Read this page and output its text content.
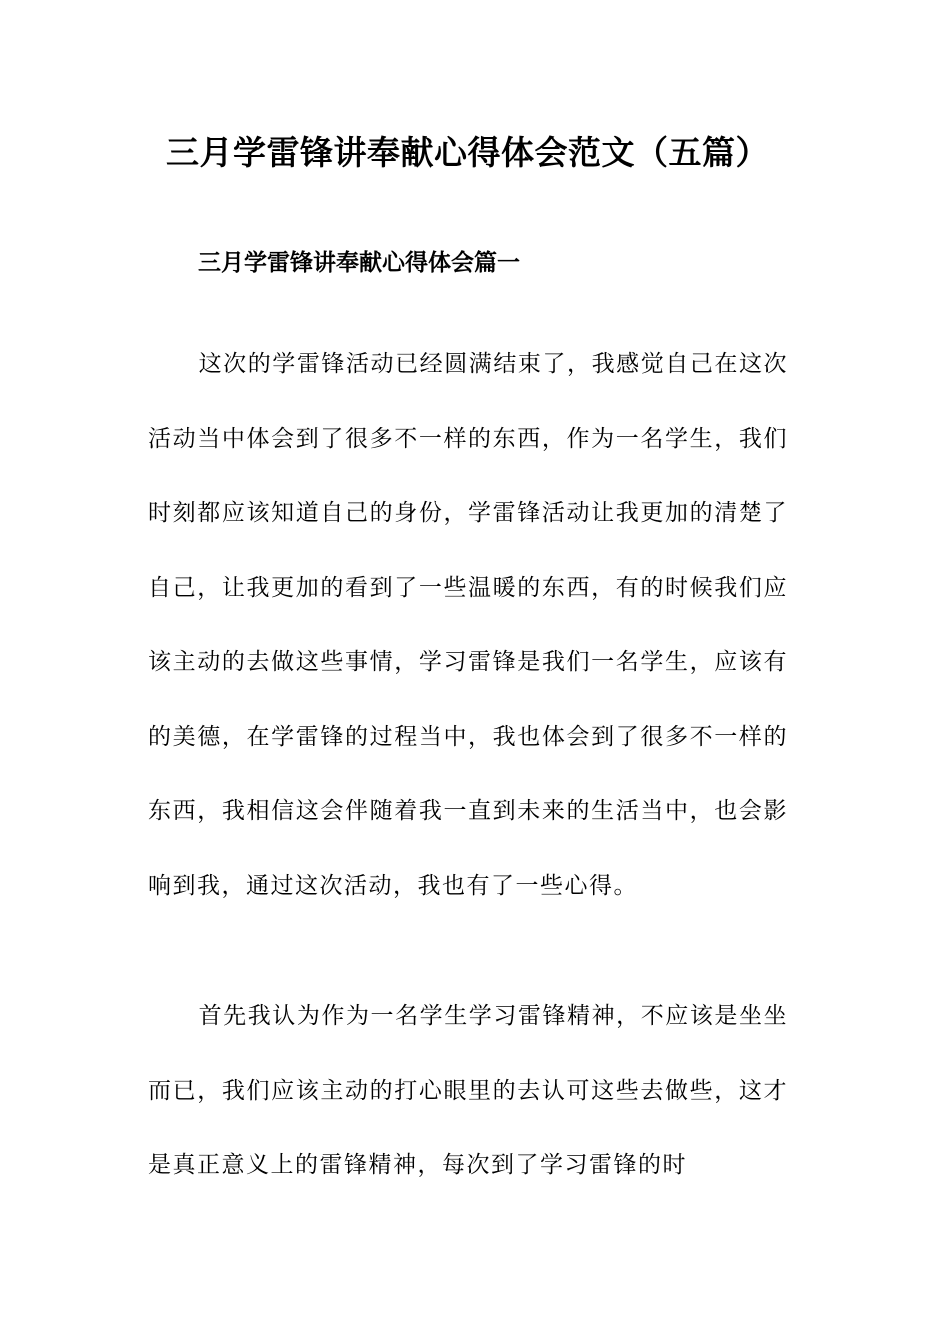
三月学雷锋讲奉献心得体会范文（五篇）
三月学雷锋讲奉献心得体会篇一

这次的学雷锋活动已经圆满结束了，我感觉自己在这次活动当中体会到了很多不一样的东西，作为一名学生，我们时刻都应该知道自己的身份，学雷锋活动让我更加的清楚了自己，让我更加的看到了一些温暖的东西，有的时候我们应该主动的去做这些事情，学习雷锋是我们一名学生，应该有的美德，在学雷锋的过程当中，我也体会到了很多不一样的东西，我相信这会伴随着我一直到未来的生活当中，也会影响到我，通过这次活动，我也有了一些心得。

首先我认为作为一名学生学习雷锋精神，不应该是坐坐而已，我们应该主动的打心眼里的去认可这些去做些，这才是真正意义上的雷锋精神，每次到了学习雷锋的时
